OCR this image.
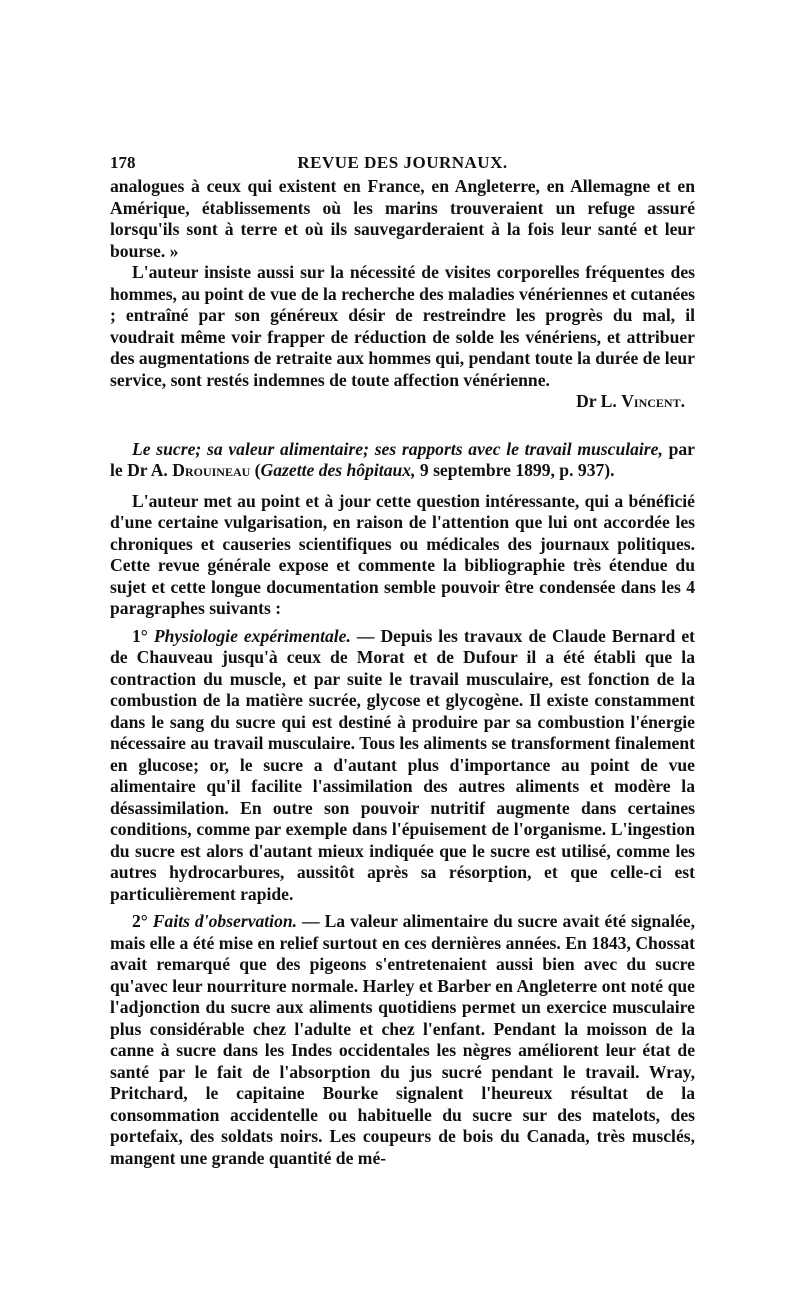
178	REVUE DES JOURNAUX.

analogues à ceux qui existent en France, en Angleterre, en Allemagne et en Amérique, établissements où les marins trouveraient un refuge assuré lorsqu'ils sont à terre et où ils sauvegarderaient à la fois leur santé et leur bourse. »

L'auteur insiste aussi sur la nécessité de visites corporelles fréquentes des hommes, au point de vue de la recherche des maladies vénériennes et cutanées ; entraîné par son généreux désir de restreindre les progrès du mal, il voudrait même voir frapper de réduction de solde les vénériens, et attribuer des augmentations de retraite aux hommes qui, pendant toute la durée de leur service, sont restés indemnes de toute affection vénérienne.

Dr L. Vincent.

Le sucre; sa valeur alimentaire; ses rapports avec le travail musculaire, par le Dr A. Drouineau (Gazette des hôpitaux, 9 septembre 1899, p. 937).

L'auteur met au point et à jour cette question intéressante, qui a bénéficié d'une certaine vulgarisation, en raison de l'attention que lui ont accordée les chroniques et causeries scientifiques ou médicales des journaux politiques. Cette revue générale expose et commente la bibliographie très étendue du sujet et cette longue documentation semble pouvoir être condensée dans les 4 paragraphes suivants :

1° Physiologie expérimentale. — Depuis les travaux de Claude Bernard et de Chauveau jusqu'à ceux de Morat et de Dufour il a été établi que la contraction du muscle, et par suite le travail musculaire, est fonction de la combustion de la matière sucrée, glycose et glycogène. Il existe constamment dans le sang du sucre qui est destiné à produire par sa combustion l'énergie nécessaire au travail musculaire. Tous les aliments se transforment finalement en glucose; or, le sucre a d'autant plus d'importance au point de vue alimentaire qu'il facilite l'assimilation des autres aliments et modère la désassimilation. En outre son pouvoir nutritif augmente dans certaines conditions, comme par exemple dans l'épuisement de l'organisme. L'ingestion du sucre est alors d'autant mieux indiquée que le sucre est utilisé, comme les autres hydrocarbures, aussitôt après sa résorption, et que celle-ci est particulièrement rapide.

2° Faits d'observation. — La valeur alimentaire du sucre avait été signalée, mais elle a été mise en relief surtout en ces dernières années. En 1843, Chossat avait remarqué que des pigeons s'entretenaient aussi bien avec du sucre qu'avec leur nourriture normale. Harley et Barber en Angleterre ont noté que l'adjonction du sucre aux aliments quotidiens permet un exercice musculaire plus considérable chez l'adulte et chez l'enfant. Pendant la moisson de la canne à sucre dans les Indes occidentales les nègres améliorent leur état de santé par le fait de l'absorption du jus sucré pendant le travail. Wray, Pritchard, le capitaine Bourke signalent l'heureux résultat de la consommation accidentelle ou habituelle du sucre sur des matelots, des portefaix, des soldats noirs. Les coupeurs de bois du Canada, très musclés, mangent une grande quantité de mé-
